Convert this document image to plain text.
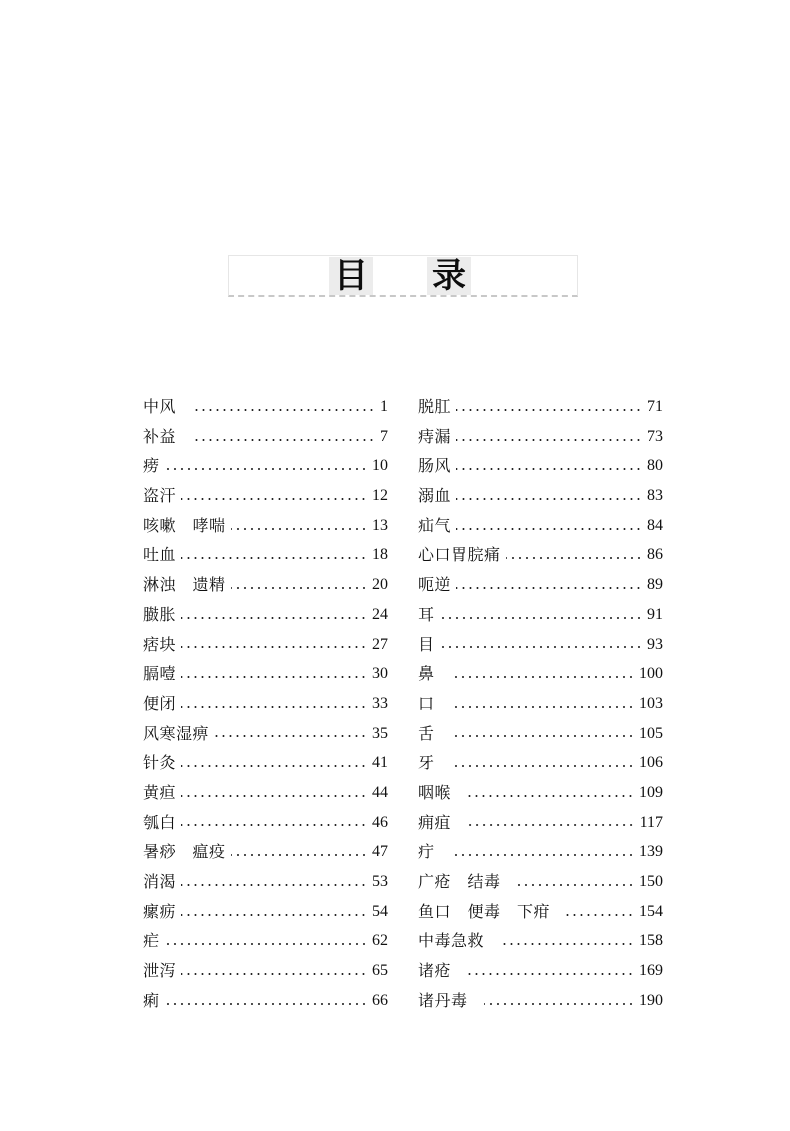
目 录
中风	1
补益	7
痨	10
盗汗	12
咳嗽　哮喘	13
吐血	18
淋浊　遗精	20
臌胀	24
痞块	27
膈噎	30
便闭	33
风寒湿痹	35
针灸	41
黄疸	44
瓠白	46
暑痧　瘟疫	47
消渴	53
瘰疬	54
疟	62
泄泻	65
痢	66
脱肛	71
痔漏	73
肠风	80
溺血	83
疝气	84
心口胃脘痛	86
呃逆	89
耳	91
目	93
鼻	100
口	103
舌	105
牙	106
咽喉	109
痈疽	117
疔	139
广疮　结毒	150
鱼口　便毒　下疳	154
中毒急救	158
诸疮	169
诸丹毒	190
